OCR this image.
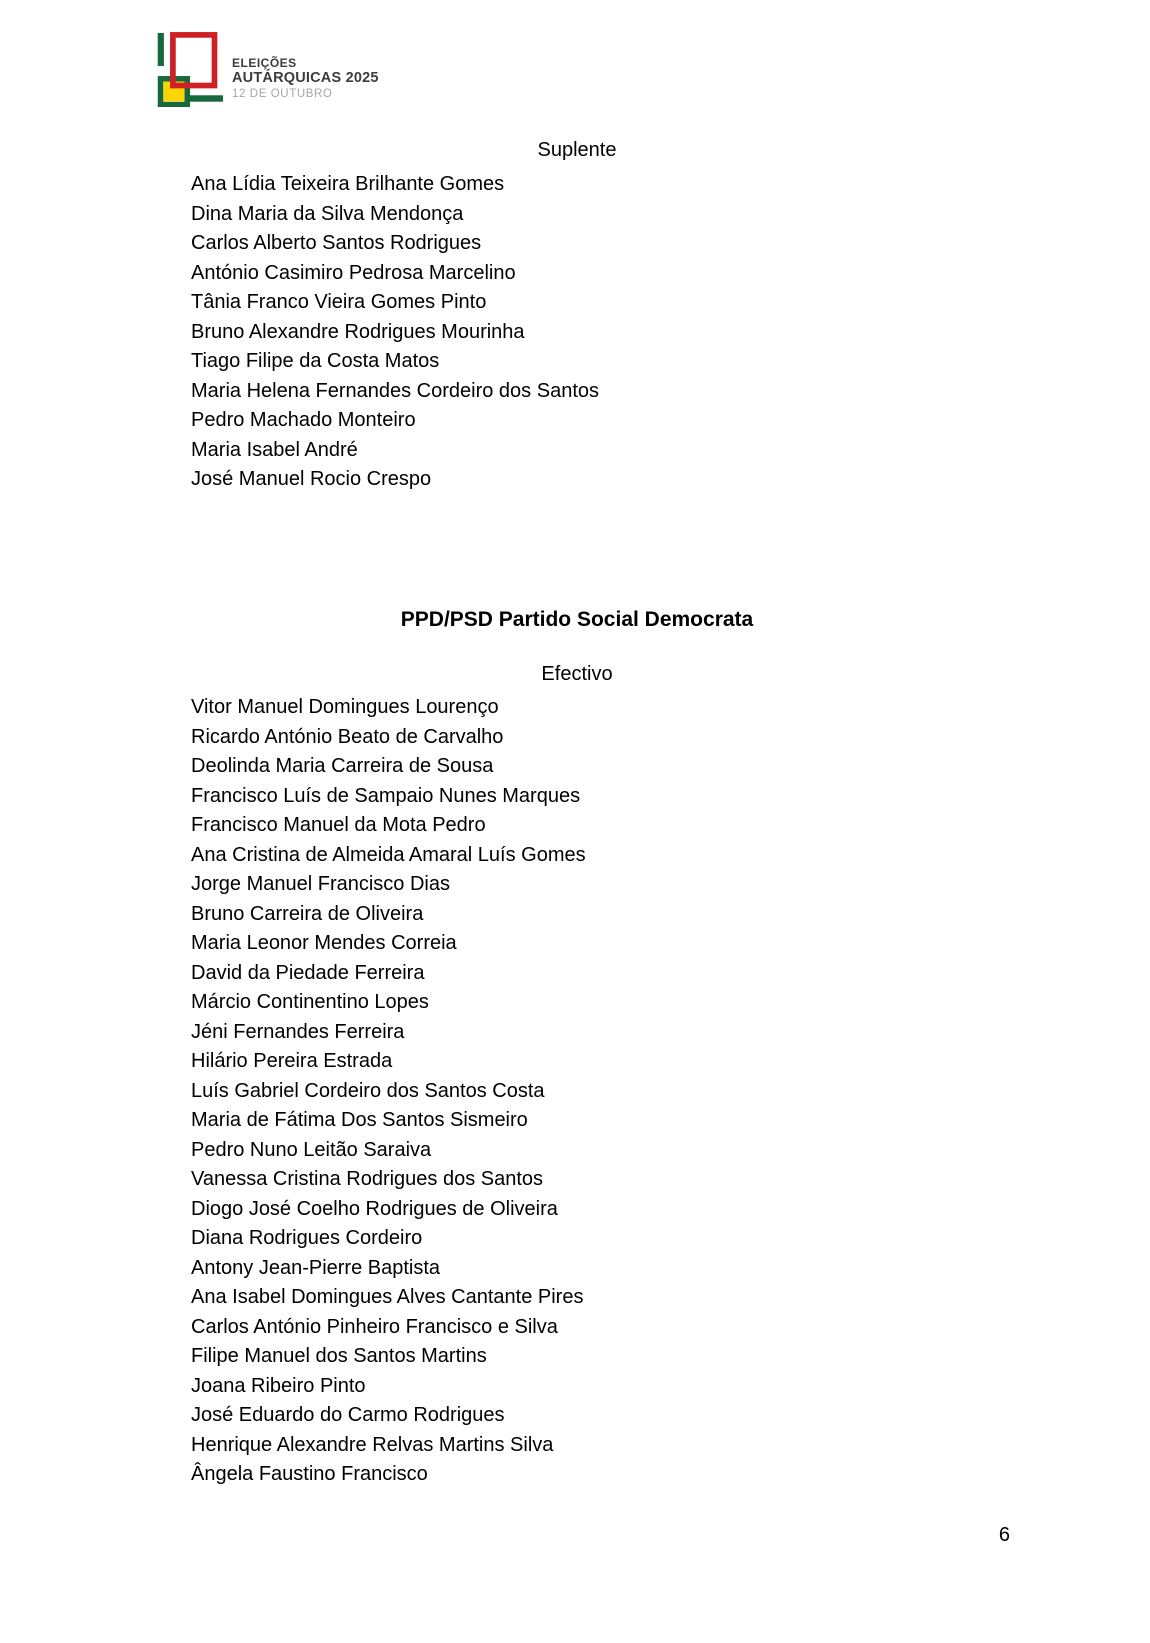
ELEIÇÕES
AUTÁRQUICAS 2025
12 DE OUTUBRO
Suplente
Ana Lídia Teixeira Brilhante Gomes
Dina Maria da Silva Mendonça
Carlos Alberto Santos Rodrigues
António Casimiro Pedrosa Marcelino
Tânia Franco Vieira Gomes Pinto
Bruno Alexandre Rodrigues Mourinha
Tiago Filipe da Costa Matos
Maria Helena Fernandes Cordeiro dos Santos
Pedro Machado Monteiro
Maria Isabel André
José Manuel Rocio Crespo
PPD/PSD Partido Social Democrata
Efectivo
Vitor Manuel Domingues Lourenço
Ricardo António Beato de Carvalho
Deolinda Maria Carreira de Sousa
Francisco Luís de Sampaio Nunes Marques
Francisco Manuel da Mota Pedro
Ana Cristina de Almeida Amaral Luís Gomes
Jorge Manuel Francisco Dias
Bruno Carreira de Oliveira
Maria Leonor Mendes Correia
David da Piedade Ferreira
Márcio Continentino Lopes
Jéni Fernandes Ferreira
Hilário Pereira Estrada
Luís Gabriel Cordeiro dos Santos Costa
Maria de Fátima Dos Santos Sismeiro
Pedro Nuno Leitão Saraiva
Vanessa Cristina Rodrigues dos Santos
Diogo José Coelho Rodrigues de Oliveira
Diana Rodrigues Cordeiro
Antony Jean-Pierre Baptista
Ana Isabel Domingues Alves Cantante Pires
Carlos António Pinheiro Francisco e Silva
Filipe Manuel dos Santos Martins
Joana Ribeiro Pinto
José Eduardo do Carmo Rodrigues
Henrique Alexandre Relvas Martins Silva
Ângela Faustino Francisco
6
